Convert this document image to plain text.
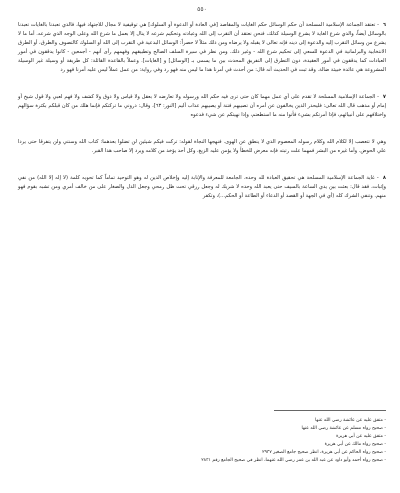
٥٥٠

٦ - تعتقد الجماعة الإسلامية المسلحة أن حكم الوسائل حكم الغايات والمقاصد [في العادة أو الدعوة أو السلوك] هي توقيفية لا مجال للاجتهاد فيها، فالذي تعبدنا بالغايات تعبدنا بالوسائل أيضاً، والذي شرع الغاية لا يشرع الوسيلة كذلك، فنحن نعتقد أن التقرب إلى الله وعبادته وتحكيم شرعه لا ينال إلا بعمل ما شرع الله وعلى الوجه الذي شرعه. أما ما لا يشرع من وسائل التقرب إليه والدعوة إلى دينه فإنه تعالى لا يقبله ولا يرضاه ومن ذلك مثلاً لا حصراً: الوسائل البدعية في التقرب إلى الله أو السلوك كالتصوف والطرق، أو الطرق الانتخابية والبرلمانية في الدعوة للسعي إلى تحكيم شرع الله - وغير ذلك. ومن نظر في سيرة السلف الصالح وتطبيقهم وفهمهم رأى أنهم - أجمعين - كانوا يدققون في أمور العبادات كما يدققون في أمور العقيدة، دون التطرق إلى التفريق المحدث بين ما يسمى بـ [الوسائل] و [الغايات]. وعملاً بالقاعدة القائلة: كل طريقة أو وسيلة غير الوسيلة المشروعة هي عائدة خبيثة ضالة. وقد ثبت في الحديث أنه قال: من أحدث في أمرنا هذا ما ليس منه فهو رد وفي رواية: من عمل عملاً ليس عليه أمرنا فهو رد

٧ - الجماعة الإسلامية المسلحة لا تقدم على أي عمل مهما كان حتى ترى فيه حكم الله ورسوله ولا تعارضه لا بعقل ولا قياس ولا ذوق ولا كشف ولا فهم لعبي ولا قول شيخ أو إمام أو مذهب قال الله تعالى: فليحذر الذين يخالفون عن أمره أن تصيبهم فتنة أو يصيبهم عذاب أليم [النور: ٦٣]، وقال: ذروني ما تركتكم فإنما هلك من كان قبلكم بكثرة سؤالهم واختلافهم على أنبيائهم، فإذا أمرتكم بشيء فأتوا منه ما استطعتم، وإذا نهيتكم عن شيء فدعوه

وهي لا تتعصب إلا لكلام الله وكلام رسوله المعصوم الذي لا ينطق عن الهوى. فنهجها النجاة لقوله: تركت فيكم شيئين لن تضلوا بعدهما: كتاب الله وسنتي ولن يتفرقا حتى يردا علي الحوض. وأما غيره من البشر فمهما علت رتبته فإنه معرض للخطأ ولا يؤمن عليه الزيغ، وكل أحد يؤخذ من كلامه ويرد إلا صاحب هذا القبر.

٨ - غاية الجماعة الإسلامية المسلحة هي تحقيق العبادة لله وحده. الجامعة للمعرفة والإنابة إليه وإخلاص الدين له وهو التوحيد تماماً كما تحويه كلمة (لا إله إلا الله) من نفي وإثبات، فقد قال: بعثت بين يدي الساعة بالسيف حتى يعبد الله وحده لا شريك له وجعل رزقي تحت ظل رمحي وجعل الذل والصغار على من خالف أمري ومن تشبه بقوم فهو منهم. وتنفي الشرك كله (أي في الجهة أو القصد أو الدعاء أو الطاعة أو الحكم...)، وتكفر

- متفق عليه عن عائشة رضي الله عنها
- صحيح رواه مسلم عن عائشة رضي الله عنها
- متفق عليه عن أبي هريرة
- صحيح رواه مالك عن أبي هريرة
- صحيح رواه الحاكم عن أبي هريرة، انظر صحيح جامع الصغير ٢٩٣٧
- صحيح رواه أحمد وأبو داود عن عبد الله بن عمر رضي الله عنهما، انظر في صحيح الجامع رقم ٢٨٣١
